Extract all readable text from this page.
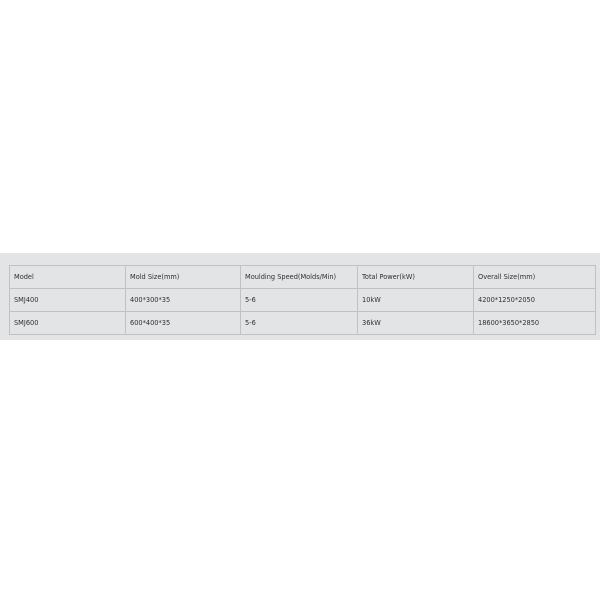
Model	Mold Size(mm)	Moulding Speed(Molds/Min)	Total Power(kW)	Overall Size(mm)
SMJ400	400*300*35	5-6	10kW	4200*1250*2050
SMJ600	600*400*35	5-6	36kW	18600*3650*2850
